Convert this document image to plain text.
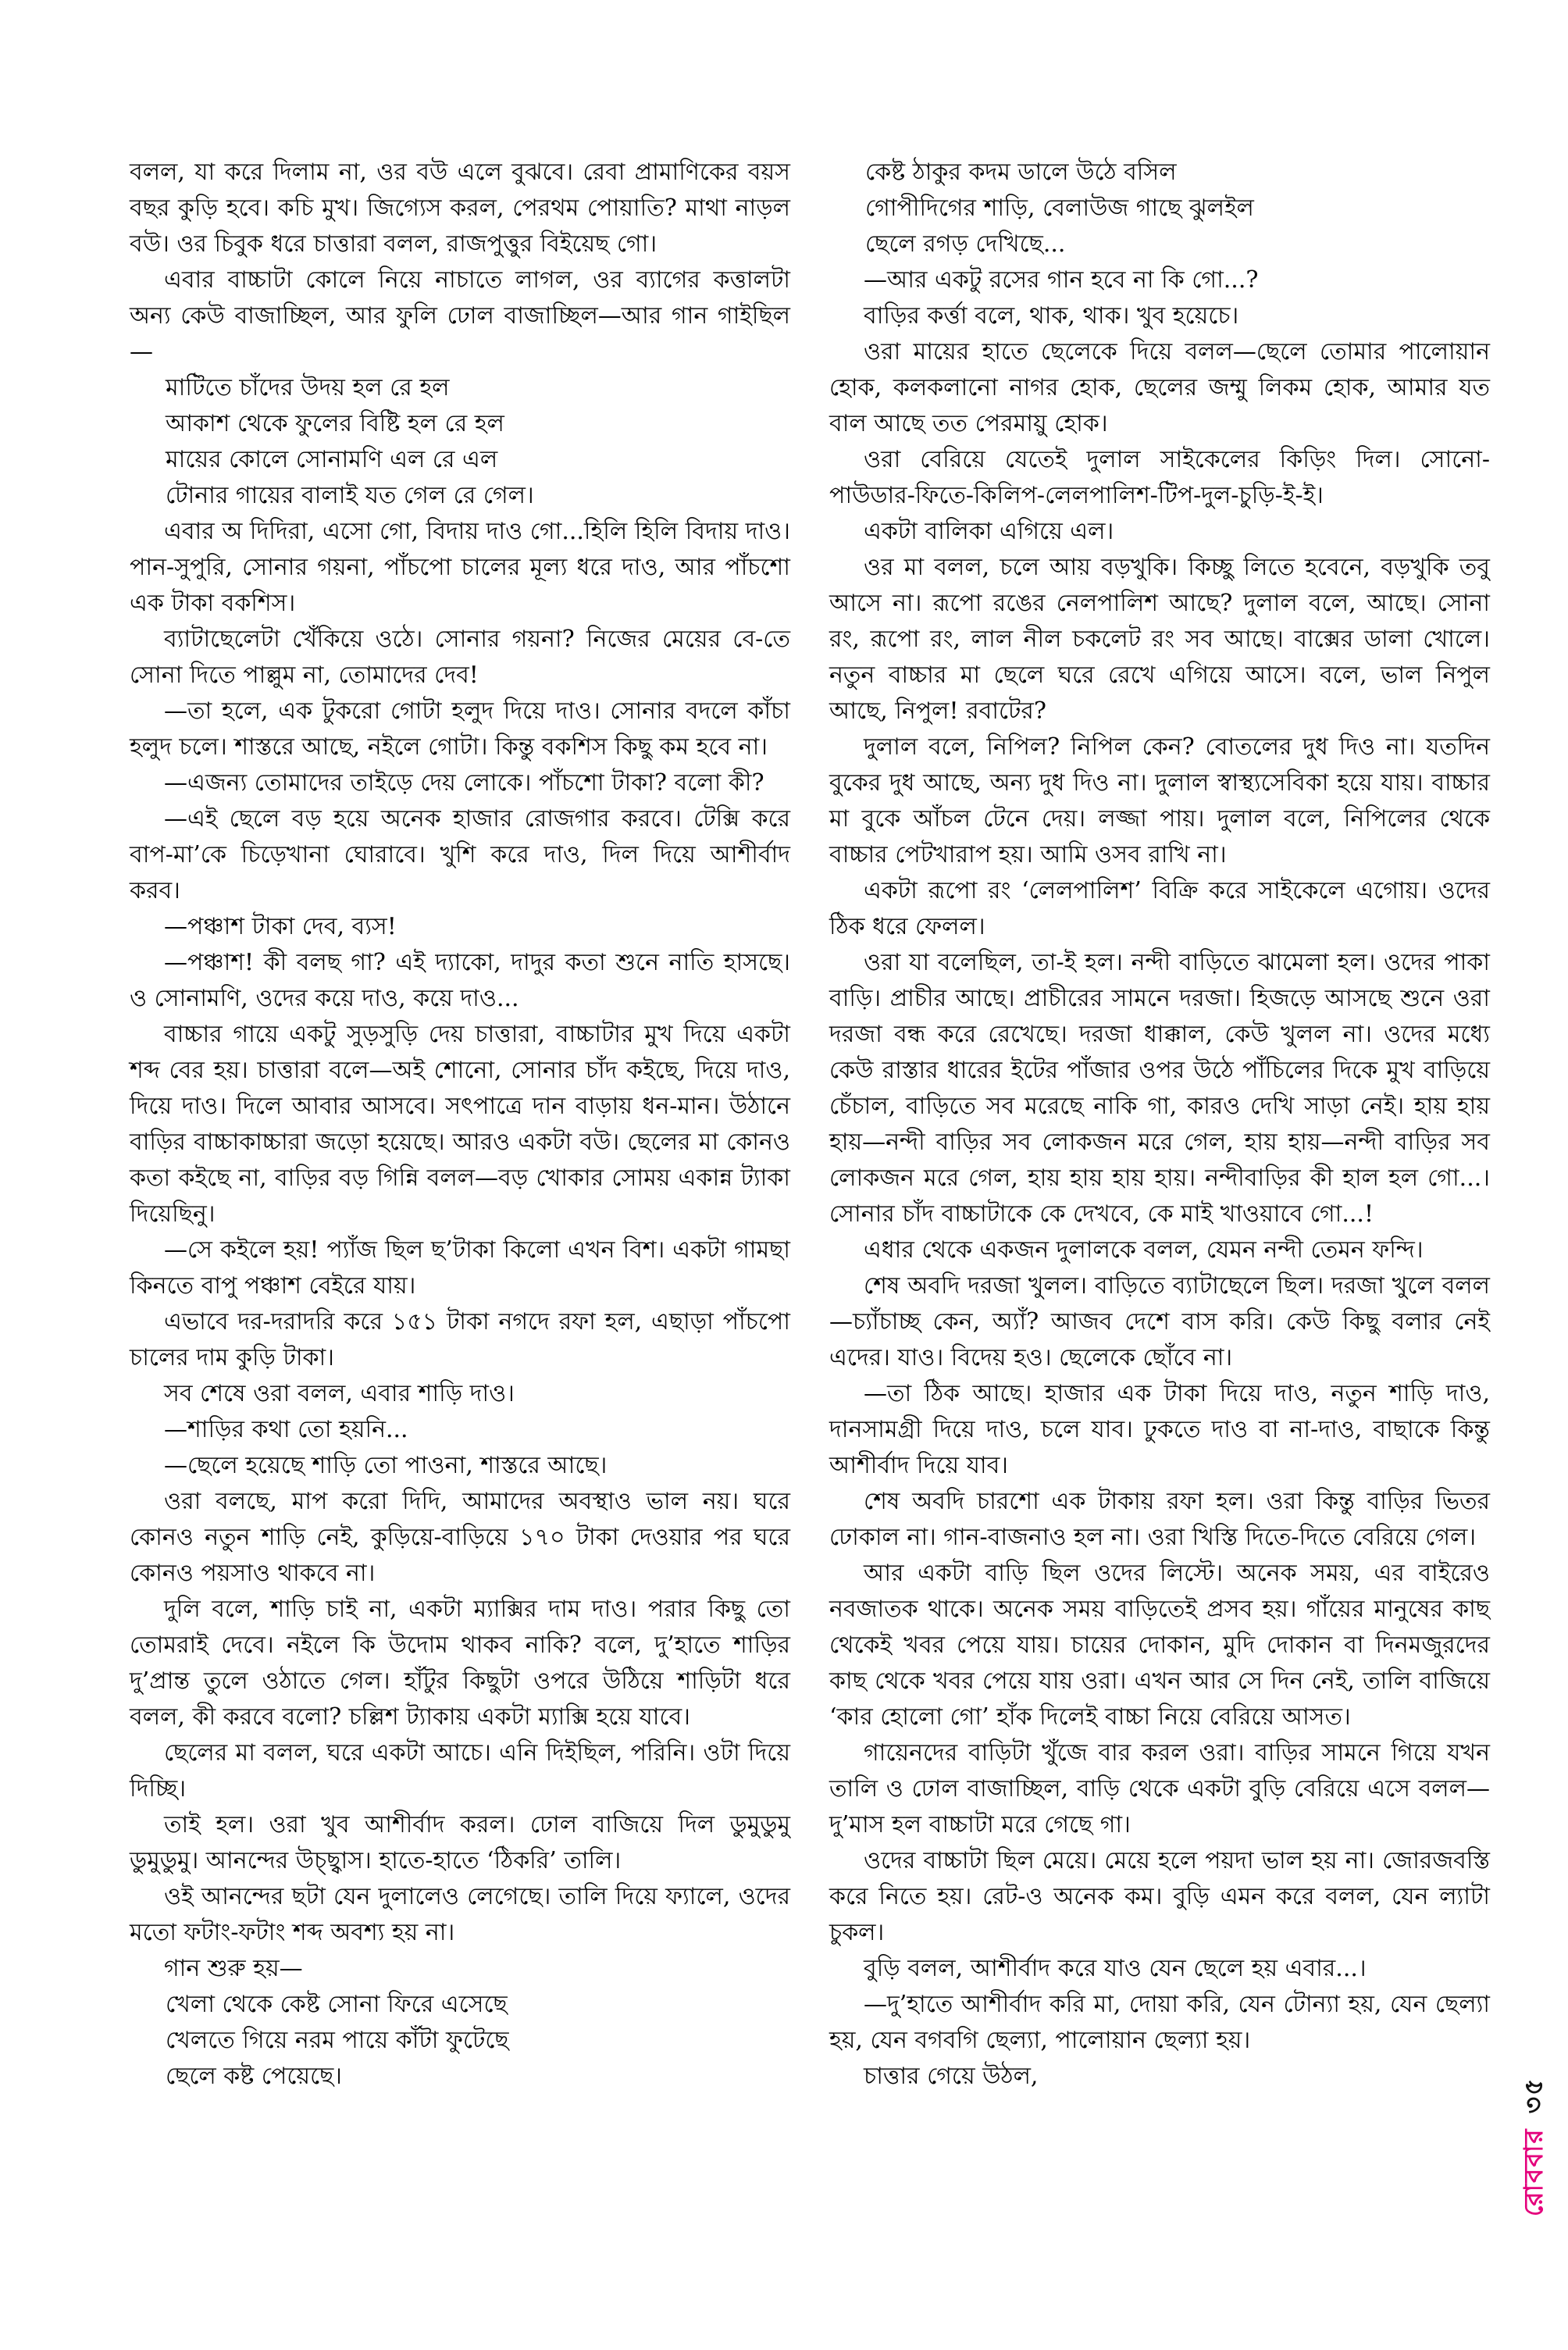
বলল, যা করে দিলাম না, ওর বউ এলে বুঝবে। রেবা প্রামাণিকের বয়স বছর কুড়ি হবে। কচি মুখ। জিগ্যেস করল, পেরথম পোয়াতি? মাথা নাড়ল বউ। ওর চিবুক ধরে চাত্তারা বলল, রাজপুত্তুর বিইয়েছ গো।
এবার বাচ্চাটা কোলে নিয়ে নাচাতে লাগল, ওর ব্যাগের কত্তালটা অন্য কেউ বাজাচ্ছিল, আর ফুলি ঢোল বাজাচ্ছিল—আর গান গাইছিল—
মাটিতে চাঁদের উদয় হল রে হল
আকাশ থেকে ফুলের বিষ্টি হল রে হল
মায়ের কোলে সোনামণি এল রে এল
টোনার গায়ের বালাই যত গেল রে গেল।
এবার অ দিদিরা, এসো গো, বিদায় দাও গো...হিলি হিলি বিদায় দাও। পান-সুপুরি, সোনার গয়না, পাঁচপো চালের মূল্য ধরে দাও, আর পাঁচশো এক টাকা বকশিস।
ব্যাটাছেলেটা খেঁকিয়ে ওঠে। সোনার গয়না? নিজের মেয়ের বে-তে সোনা দিতে পাল্লুম না, তোমাদের দেব!
—তা হলে, এক টুকরো গোটা হলুদ দিয়ে দাও। সোনার বদলে কাঁচা হলুদ চলে। শাস্তরে আছে, নইলে গোটা। কিন্তু বকশিস কিছু কম হবে না।
—এজন্য তোমাদের তাইড়ে দেয় লোকে। পাঁচশো টাকা? বলো কী?
—এই ছেলে বড় হয়ে অনেক হাজার রোজগার করবে। টেক্সি করে বাপ-মা’কে চিড়েখানা ঘোরাবে। খুশি করে দাও, দিল দিয়ে আশীর্বাদ করব।
—পঞ্চাশ টাকা দেব, ব্যস!
—পঞ্চাশ! কী বলছ গা? এই দ্যাকো, দাদুর কতা শুনে নাতি হাসছে। ও সোনামণি, ওদের কয়ে দাও, কয়ে দাও...
বাচ্চার গায়ে একটু সুড়সুড়ি দেয় চাত্তারা, বাচ্চাটার মুখ দিয়ে একটা শব্দ বের হয়। চাত্তারা বলে—অই শোনো, সোনার চাঁদ কইছে, দিয়ে দাও, দিয়ে দাও। দিলে আবার আসবে। সৎপাত্রে দান বাড়ায় ধন-মান। উঠানে বাড়ির বাচ্চাকাচ্চারা জড়ো হয়েছে। আরও একটা বউ। ছেলের মা কোনও কতা কইছে না, বাড়ির বড় গিন্নি বলল—বড় খোকার সোময় একান্ন ট্যাকা দিয়েছিনু।
—সে কইলে হয়! প্যাঁজ ছিল ছ’টাকা কিলো এখন বিশ। একটা গামছা কিনতে বাপু পঞ্চাশ বেইরে যায়।
এভাবে দর-দরাদরি করে ১৫১ টাকা নগদে রফা হল, এছাড়া পাঁচপো চালের দাম কুড়ি টাকা।
সব শেষে ওরা বলল, এবার শাড়ি দাও।
—শাড়ির কথা তো হয়নি...
—ছেলে হয়েছে শাড়ি তো পাওনা, শাস্তরে আছে।
ওরা বলছে, মাপ করো দিদি, আমাদের অবস্থাও ভাল নয়। ঘরে কোনও নতুন শাড়ি নেই, কুড়িয়ে-বাড়িয়ে ১৭০ টাকা দেওয়ার পর ঘরে কোনও পয়সাও থাকবে না।
দুলি বলে, শাড়ি চাই না, একটা ম্যাক্সির দাম দাও। পরার কিছু তো তোমরাই দেবে। নইলে কি উদোম থাকব নাকি? বলে, দু’হাতে শাড়ির দু’প্রান্ত তুলে ওঠাতে গেল। হাঁটুর কিছুটা ওপরে উঠিয়ে শাড়িটা ধরে বলল, কী করবে বলো? চল্লিশ ট্যাকায় একটা ম্যাক্সি হয়ে যাবে।
ছেলের মা বলল, ঘরে একটা আচে। এনি দিইছিল, পরিনি। ওটা দিয়ে দিচ্ছি।
তাই হল। ওরা খুব আশীর্বাদ করল। ঢোল বাজিয়ে দিল ডুমুডুমু ডুমুডুমু। আনন্দের উচ্ছ্বাস। হাতে-হাতে ‘ঠিকরি’ তালি।
ওই আনন্দের ছটা যেন দুলালেও লেগেছে। তালি দিয়ে ফ্যালে, ওদের মতো ফটাং-ফটাং শব্দ অবশ্য হয় না।
গান শুরু হয়—
খেলা থেকে কেষ্ট সোনা ফিরে এসেছে
খেলতে গিয়ে নরম পায়ে কাঁটা ফুটেছে
ছেলে কষ্ট পেয়েছে।
কেষ্ট ঠাকুর কদম ডালে উঠে বসিল
গোপীদিগের শাড়ি, বেলাউজ গাছে ঝুলইল
ছেলে রগড় দেখিছে...
—আর একটু রসের গান হবে না কি গো...?
বাড়ির কর্ত্তা বলে, থাক, থাক। খুব হয়েচে।
ওরা মায়ের হাতে ছেলেকে দিয়ে বলল—ছেলে তোমার পালোয়ান হোক, কলকলানো নাগর হোক, ছেলের জম্মু লিকম হোক, আমার যত বাল আছে তত পেরমায়ু হোক।
ওরা বেরিয়ে যেতেই দুলাল সাইকেলের কিড়িং দিল। সোনো-পাউডার-ফিতে-কিলিপ-লেলপালিশ-টিপ-দুল-চুড়ি-ই-ই।
একটা বালিকা এগিয়ে এল।
ওর মা বলল, চলে আয় বড়খুকি। কিচ্ছু লিতে হবেনে, বড়খুকি তবু আসে না। রূপো রঙের নেলপালিশ আছে? দুলাল বলে, আছে। সোনা রং, রূপো রং, লাল নীল চকলেট রং সব আছে। বাক্সের ডালা খোলে। নতুন বাচ্চার মা ছেলে ঘরে রেখে এগিয়ে আসে। বলে, ভাল নিপুল আছে, নিপুল! রবাটের?
দুলাল বলে, নিপিল? নিপিল কেন? বোতলের দুধ দিও না। যতদিন বুকের দুধ আছে, অন্য দুধ দিও না। দুলাল স্বাস্থ্যসেবিকা হয়ে যায়। বাচ্চার মা বুকে আঁচল টেনে দেয়। লজ্জা পায়। দুলাল বলে, নিপিলের থেকে বাচ্চার পেটখারাপ হয়। আমি ওসব রাখি না।
একটা রূপো রং ‘লেলপালিশ’ বিক্রি করে সাইকেলে এগোয়। ওদের ঠিক ধরে ফেলল।
ওরা যা বলেছিল, তা-ই হল। নন্দী বাড়িতে ঝামেলা হল। ওদের পাকা বাড়ি। প্রাচীর আছে। প্রাচীরের সামনে দরজা। হিজড়ে আসছে শুনে ওরা দরজা বন্ধ করে রেখেছে। দরজা ধাক্কাল, কেউ খুলল না। ওদের মধ্যে কেউ রাস্তার ধারের ইটের পাঁজার ওপর উঠে পাঁচিলের দিকে মুখ বাড়িয়ে চেঁচাল, বাড়িতে সব মরেছে নাকি গা, কারও দেখি সাড়া নেই। হায় হায় হায়—নন্দী বাড়ির সব লোকজন মরে গেল, হায় হায়—নন্দী বাড়ির সব লোকজন মরে গেল, হায় হায় হায় হায়। নন্দীবাড়ির কী হাল হল গো...। সোনার চাঁদ বাচ্চাটাকে কে দেখবে, কে মাই খাওয়াবে গো...!
এধার থেকে একজন দুলালকে বলল, যেমন নন্দী তেমন ফন্দি।
শেষ অবদি দরজা খুলল। বাড়িতে ব্যাটাছেলে ছিল। দরজা খুলে বলল—চ্যাঁচাচ্ছ কেন, অ্যাঁ? আজব দেশে বাস করি। কেউ কিছু বলার নেই এদের। যাও। বিদেয় হও। ছেলেকে ছোঁবে না।
—তা ঠিক আছে। হাজার এক টাকা দিয়ে দাও, নতুন শাড়ি দাও, দানসামগ্রী দিয়ে দাও, চলে যাব। ঢুকতে দাও বা না-দাও, বাছাকে কিন্তু আশীর্বাদ দিয়ে যাব।
শেষ অবদি চারশো এক টাকায় রফা হল। ওরা কিন্তু বাড়ির ভিতর ঢোকাল না। গান-বাজনাও হল না। ওরা খিস্তি দিতে-দিতে বেরিয়ে গেল।
আর একটা বাড়ি ছিল ওদের লিস্টে। অনেক সময়, এর বাইরেও নবজাতক থাকে। অনেক সময় বাড়িতেই প্রসব হয়। গাঁয়ের মানুষের কাছ থেকেই খবর পেয়ে যায়। চায়ের দোকান, মুদি দোকান বা দিনমজুরদের কাছ থেকে খবর পেয়ে যায় ওরা। এখন আর সে দিন নেই, তালি বাজিয়ে ‘কার হোলো গো’ হাঁক দিলেই বাচ্চা নিয়ে বেরিয়ে আসত।
গায়েনদের বাড়িটা খুঁজে বার করল ওরা। বাড়ির সামনে গিয়ে যখন তালি ও ঢোল বাজাচ্ছিল, বাড়ি থেকে একটা বুড়ি বেরিয়ে এসে বলল—দু’মাস হল বাচ্চাটা মরে গেছে গা।
ওদের বাচ্চাটা ছিল মেয়ে। মেয়ে হলে পয়দা ভাল হয় না। জোরজবস্তি করে নিতে হয়। রেট-ও অনেক কম। বুড়ি এমন করে বলল, যেন ল্যাটা চুকল।
বুড়ি বলল, আশীর্বাদ করে যাও যেন ছেলে হয় এবার...।
—দু’হাতে আশীর্বাদ করি মা, দোয়া করি, যেন টোন্যা হয়, যেন ছেল্যা হয়, যেন বগবগি ছেল্যা, পালোয়ান ছেল্যা হয়।
চাত্তার গেয়ে উঠল,
রোববার৩৫
